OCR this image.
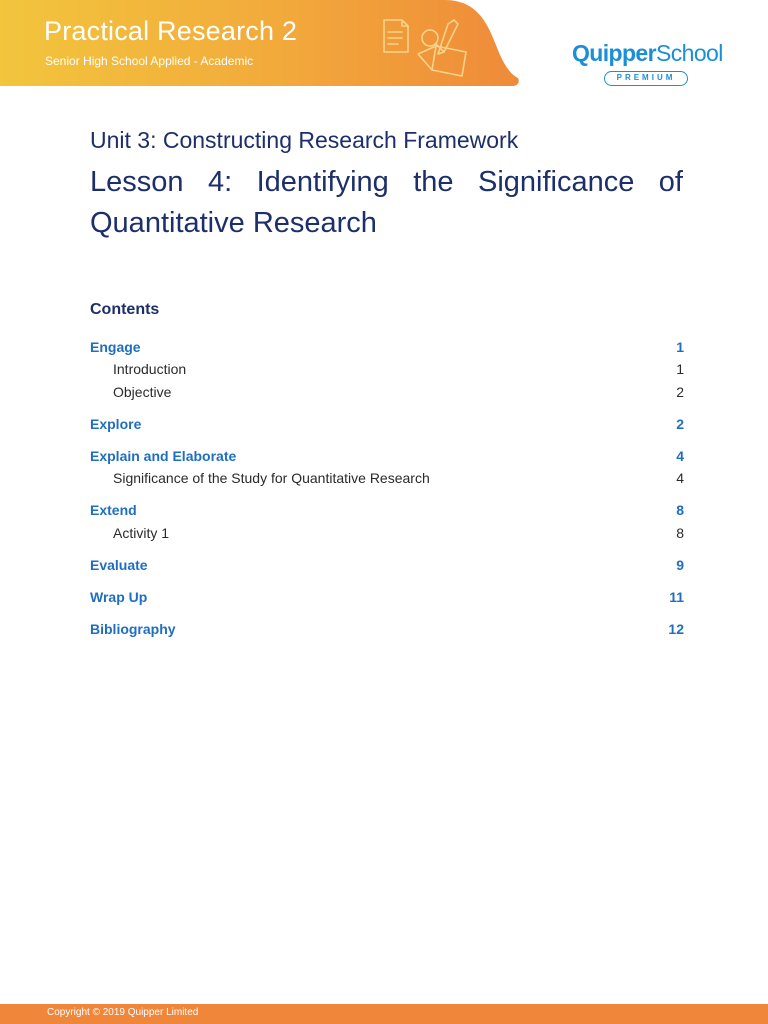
Practical Research 2
Senior High School Applied - Academic	QuipperSchool
PREMIUM
Unit 3: Constructing Research Framework
Lesson 4: Identifying the Significance of Quantitative Research
Contents
Engage	1
Introduction	1
Objective	2
Explore	2
Explain and Elaborate	4
Significance of the Study for Quantitative Research	4
Extend	8
Activity 1	8
Evaluate	9
Wrap Up	11
Bibliography	12
Copyright © 2019 Quipper Limited
